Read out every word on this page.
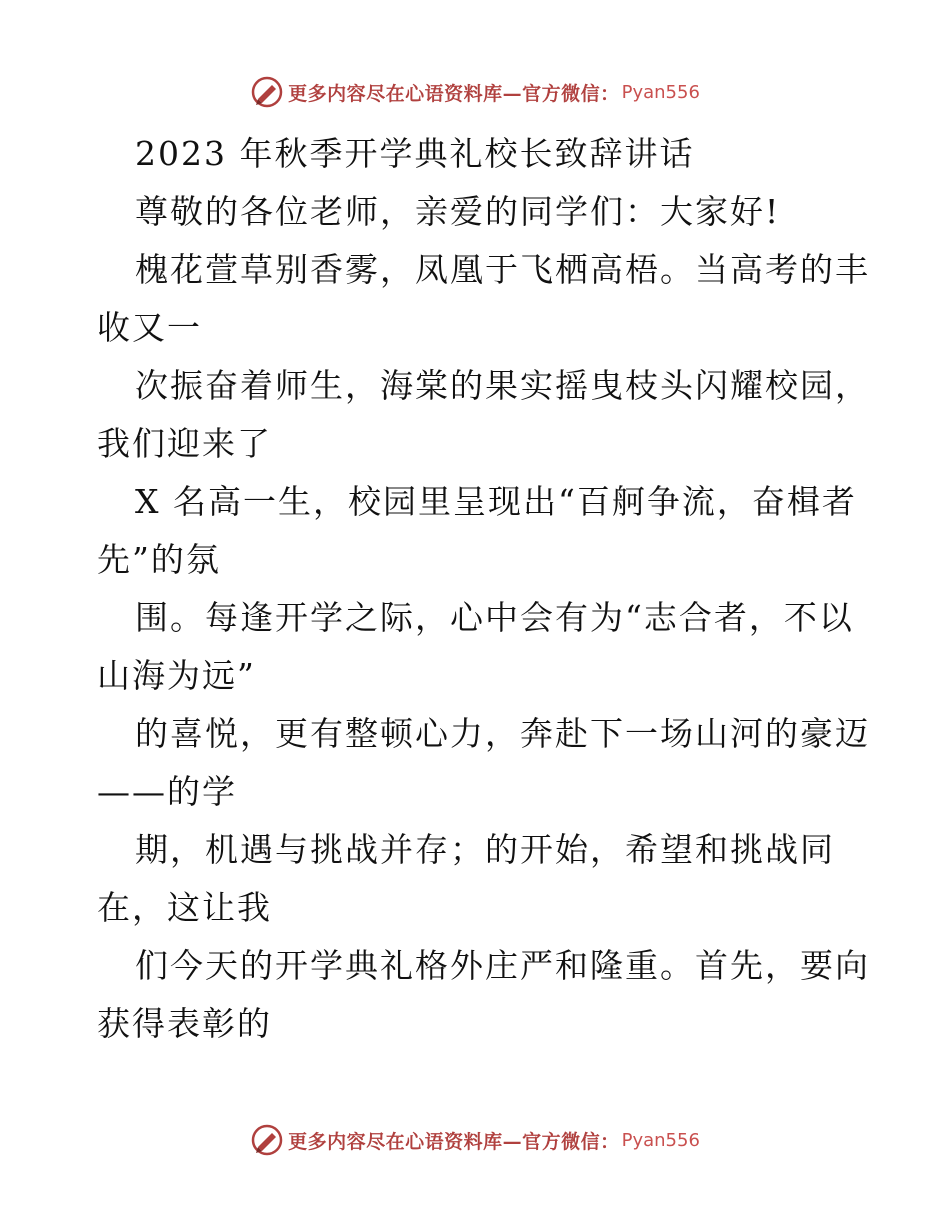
更多内容尽在心语资料库—官方微信： Pyan556
2023 年秋季开学典礼校长致辞讲话
尊敬的各位老师，亲爱的同学们：大家好!
槐花萱草别香雾，凤凰于飞栖高梧。当高考的丰
收又一
次振奋着师生，海棠的果实摇曳枝头闪耀校园，
我们迎来了
X 名高一生，校园里呈现出“百舸争流，奋楫者
先”的氛
围。每逢开学之际，心中会有为“志合者，不以
山海为远”
的喜悦，更有整顿心力，奔赴下一场山河的豪迈
——的学
期，机遇与挑战并存；的开始，希望和挑战同
在，这让我
们今天的开学典礼格外庄严和隆重。首先，要向
获得表彰的
更多内容尽在心语资料库—官方微信： Pyan556
